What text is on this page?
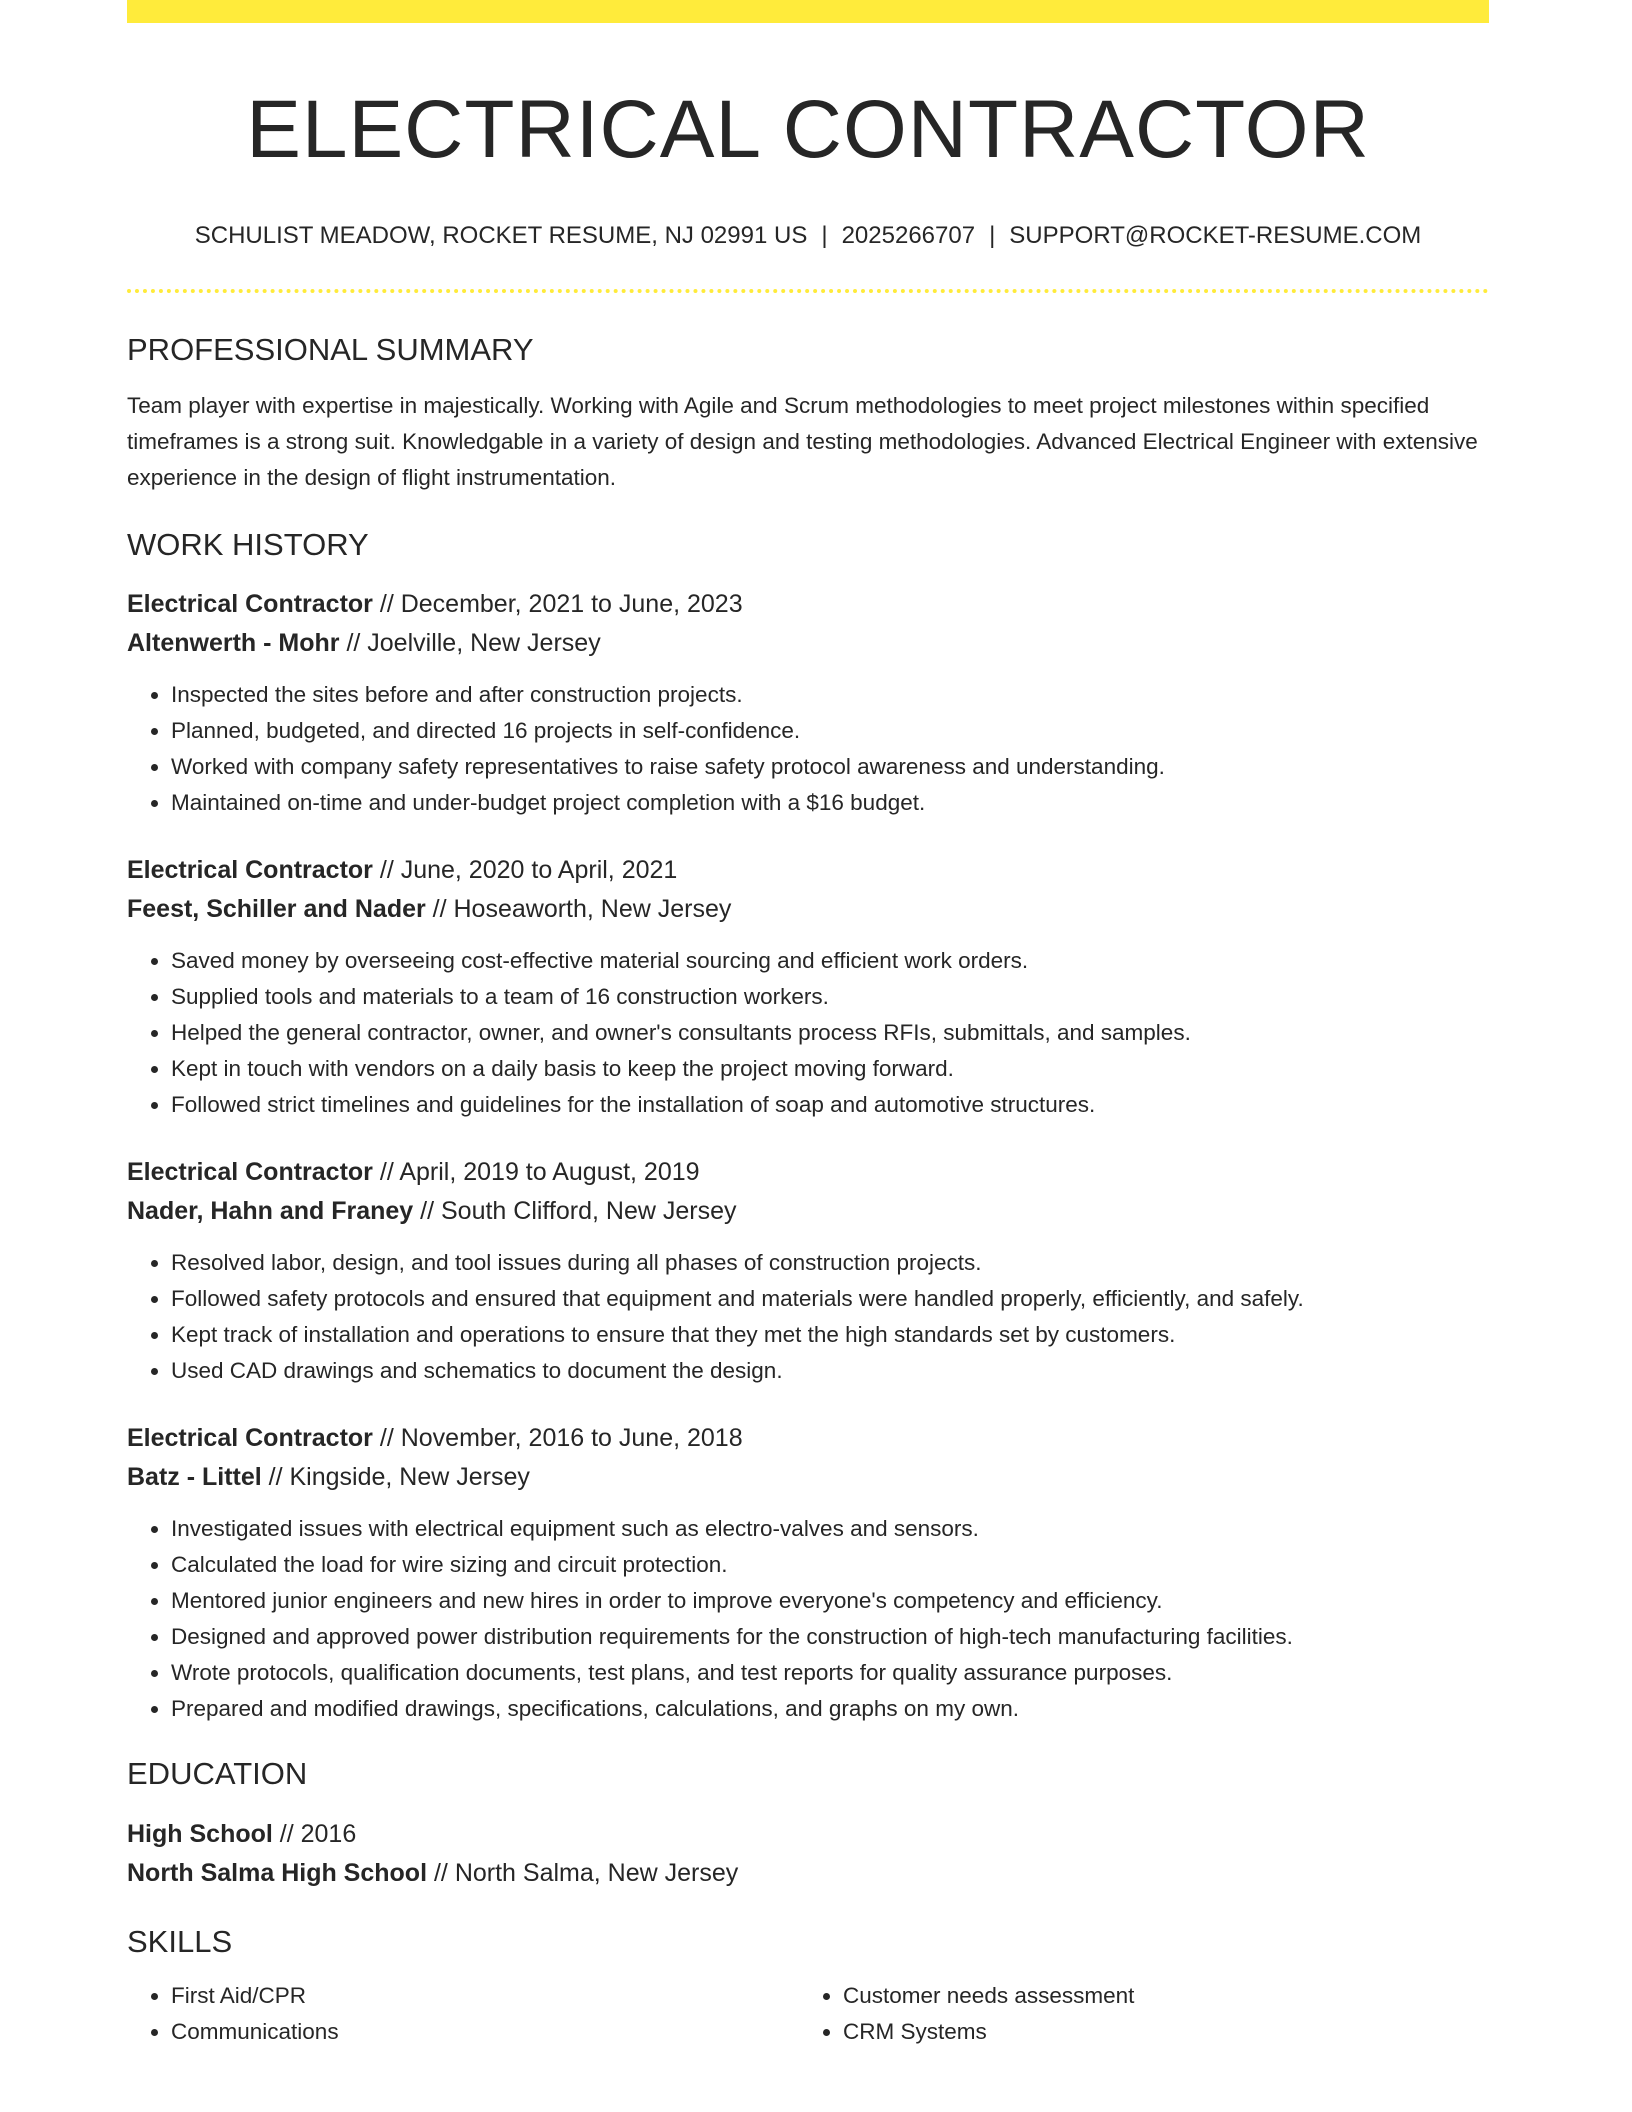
ELECTRICAL CONTRACTOR
SCHULIST MEADOW, ROCKET RESUME, NJ 02991 US | 2025266707 | SUPPORT@ROCKET-RESUME.COM
PROFESSIONAL SUMMARY

Team player with expertise in majestically. Working with Agile and Scrum methodologies to meet project milestones within specified timeframes is a strong suit. Knowledgable in a variety of design and testing methodologies. Advanced Electrical Engineer with extensive experience in the design of flight instrumentation.

WORK HISTORY
Electrical Contractor // December, 2021 to June, 2023
Altenwerth - Mohr // Joelville, New Jersey
• Inspected the sites before and after construction projects.
• Planned, budgeted, and directed 16 projects in self-confidence.
• Worked with company safety representatives to raise safety protocol awareness and understanding.
• Maintained on-time and under-budget project completion with a $16 budget.
Electrical Contractor // June, 2020 to April, 2021
Feest, Schiller and Nader // Hoseaworth, New Jersey
• Saved money by overseeing cost-effective material sourcing and efficient work orders.
• Supplied tools and materials to a team of 16 construction workers.
• Helped the general contractor, owner, and owner's consultants process RFIs, submittals, and samples.
• Kept in touch with vendors on a daily basis to keep the project moving forward.
• Followed strict timelines and guidelines for the installation of soap and automotive structures.
Electrical Contractor // April, 2019 to August, 2019
Nader, Hahn and Franey // South Clifford, New Jersey
• Resolved labor, design, and tool issues during all phases of construction projects.
• Followed safety protocols and ensured that equipment and materials were handled properly, efficiently, and safely.
• Kept track of installation and operations to ensure that they met the high standards set by customers.
• Used CAD drawings and schematics to document the design.
Electrical Contractor // November, 2016 to June, 2018
Batz - Littel // Kingside, New Jersey
• Investigated issues with electrical equipment such as electro-valves and sensors.
• Calculated the load for wire sizing and circuit protection.
• Mentored junior engineers and new hires in order to improve everyone's competency and efficiency.
• Designed and approved power distribution requirements for the construction of high-tech manufacturing facilities.
• Wrote protocols, qualification documents, test plans, and test reports for quality assurance purposes.
• Prepared and modified drawings, specifications, calculations, and graphs on my own.
EDUCATION
High School // 2016
North Salma High School // North Salma, New Jersey
SKILLS
• First Aid/CPR
• Communications
• Customer needs assessment
• CRM Systems
